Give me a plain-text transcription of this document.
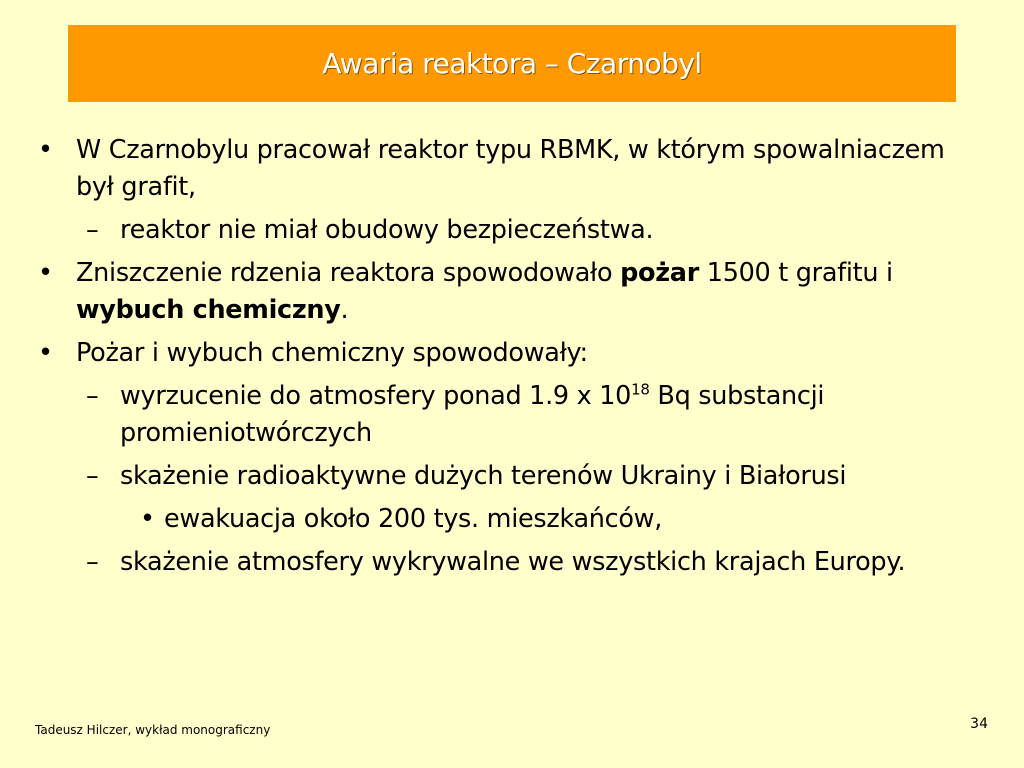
Awaria reaktora – Czarnobyl
• W Czarnobylu pracował reaktor typu RBMK, w którym spowalniaczem był grafit,
– reaktor nie miał obudowy bezpieczeństwa.
• Zniszczenie rdzenia reaktora spowodowało pożar 1500 t grafitu i wybuch chemiczny.
• Pożar i wybuch chemiczny spowodowały:
– wyrzucenie do atmosfery ponad 1.9 x $10^{18}$ Bq substancji promieniotwórczych
– skażenie radioaktywne dużych terenów Ukrainy i Białorusi
• ewakuacja około 200 tys. mieszkańców,
– skażenie atmosfery wykrywalne we wszystkich krajach Europy.
Tadeusz Hilczer, wykład monograficzny	34
